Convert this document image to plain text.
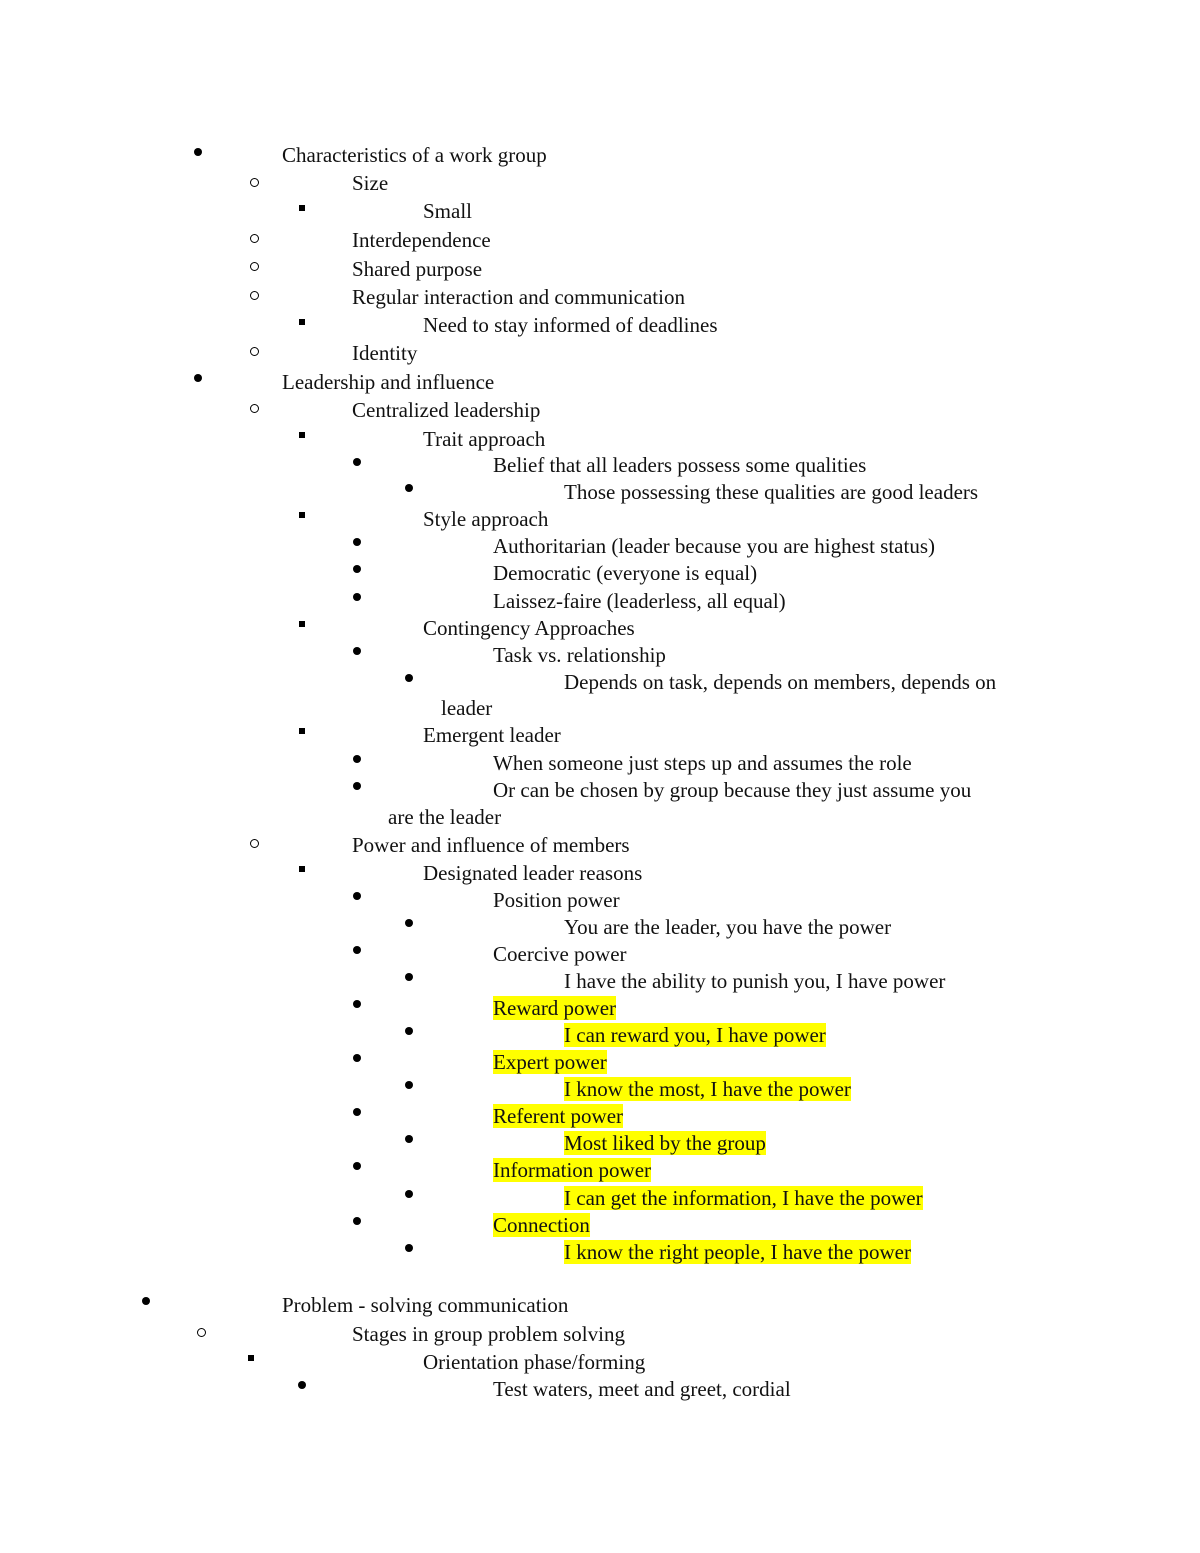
Characteristics of a work group
Size
Small
Interdependence
Shared purpose
Regular interaction and communication
Need to stay informed of deadlines
Identity
Leadership and influence
Centralized leadership
Trait approach
Belief that all leaders possess some qualities
Those possessing these qualities are good leaders
Style approach
Authoritarian (leader because you are highest status)
Democratic (everyone is equal)
Laissez-faire (leaderless, all equal)
Contingency Approaches
Task vs. relationship
Depends on task, depends on members, depends on
leader
Emergent leader
When someone just steps up and assumes the role
Or can be chosen by group because they just assume you
are the leader
Power and influence of members
Designated leader reasons
Position power
You are the leader, you have the power
Coercive power
I have the ability to punish you, I have power
Reward power
I can reward you, I have power
Expert power
I know the most, I have the power
Referent power
Most liked by the group
Information power
I can get the information, I have the power
Connection
I know the right people, I have the power
Problem - solving communication
Stages in group problem solving
Orientation phase/forming
Test waters, meet and greet, cordial
